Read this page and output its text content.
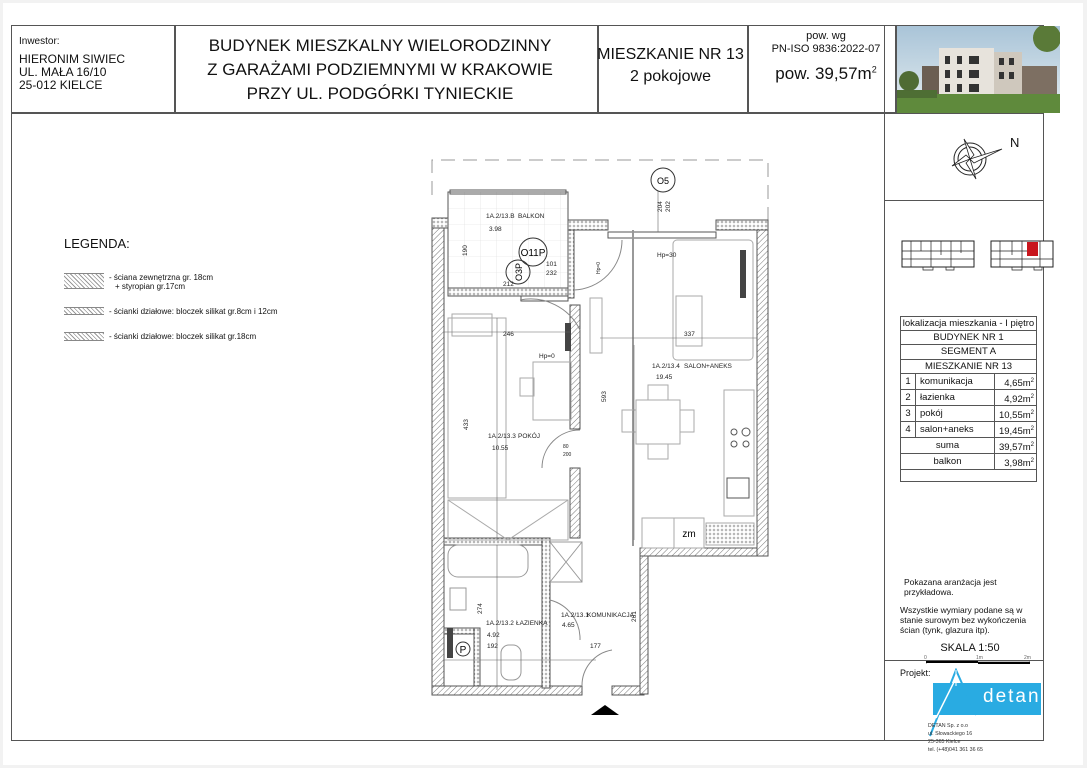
Inwestor:
HIERONIM SIWIEC
UL. MAŁA 16/10
25-012 KIELCE
BUDYNEK MIESZKALNY WIELORODZINNY
Z GARAŻAMI PODZIEMNYMI W KRAKOWIE
PRZY UL. PODGÓRKI TYNIECKIE
MIESZKANIE NR 13
2 pokojowe
pow. wg
PN-ISO 9836:2022-07
pow. $39,57m^2$
LEGENDA:
- ściana zewnętrzna gr. 18cm
+ styropian gr.17cm
- ścianki działowe: bloczek silikat gr.8cm i 12cm
- ścianki działowe: bloczek silikat gr.18cm
N
lokalizacja mieszkania - I piętro
BUDYNEK NR 1
SEGMENT A
MIESZKANIE NR 13
1 komunikacja	$4,65m^2$
2 łazienka	$4,92m^2$
3 pokój	$10,55m^2$
4 salon+aneks	$19,45m^2$
suma	$39,57m^2$
balkon	$3,98m^2$

Pokazana aranżacja jest przykładowa.

Wszystkie wymiary podane są w stanie surowym bez wykończenia ścian (tynk, glazura itp).

SKALA 1:50
0	1m	2m
Projekt:
detan
DETAN Sp. z o.o
ul. Słowackiego 16
25-365 Kielce
tel. (+48)041 361 36 65
P
zm
O5
O11P
O3P
1A.2/13.B BALKON
3.98
1A.2/13.4 SALON+ANEKS
19.45
1A.2/13.3 POKÓJ
10.55
1A.2/13.2 ŁAZIENKA
4.92
1A.2/13.1
KOMUNIKACJA
4.65
246	337
192	177
212
101
232
Hp=0
Hp=30
80
200
190
433
593
274
261
204 202
Hp=0
